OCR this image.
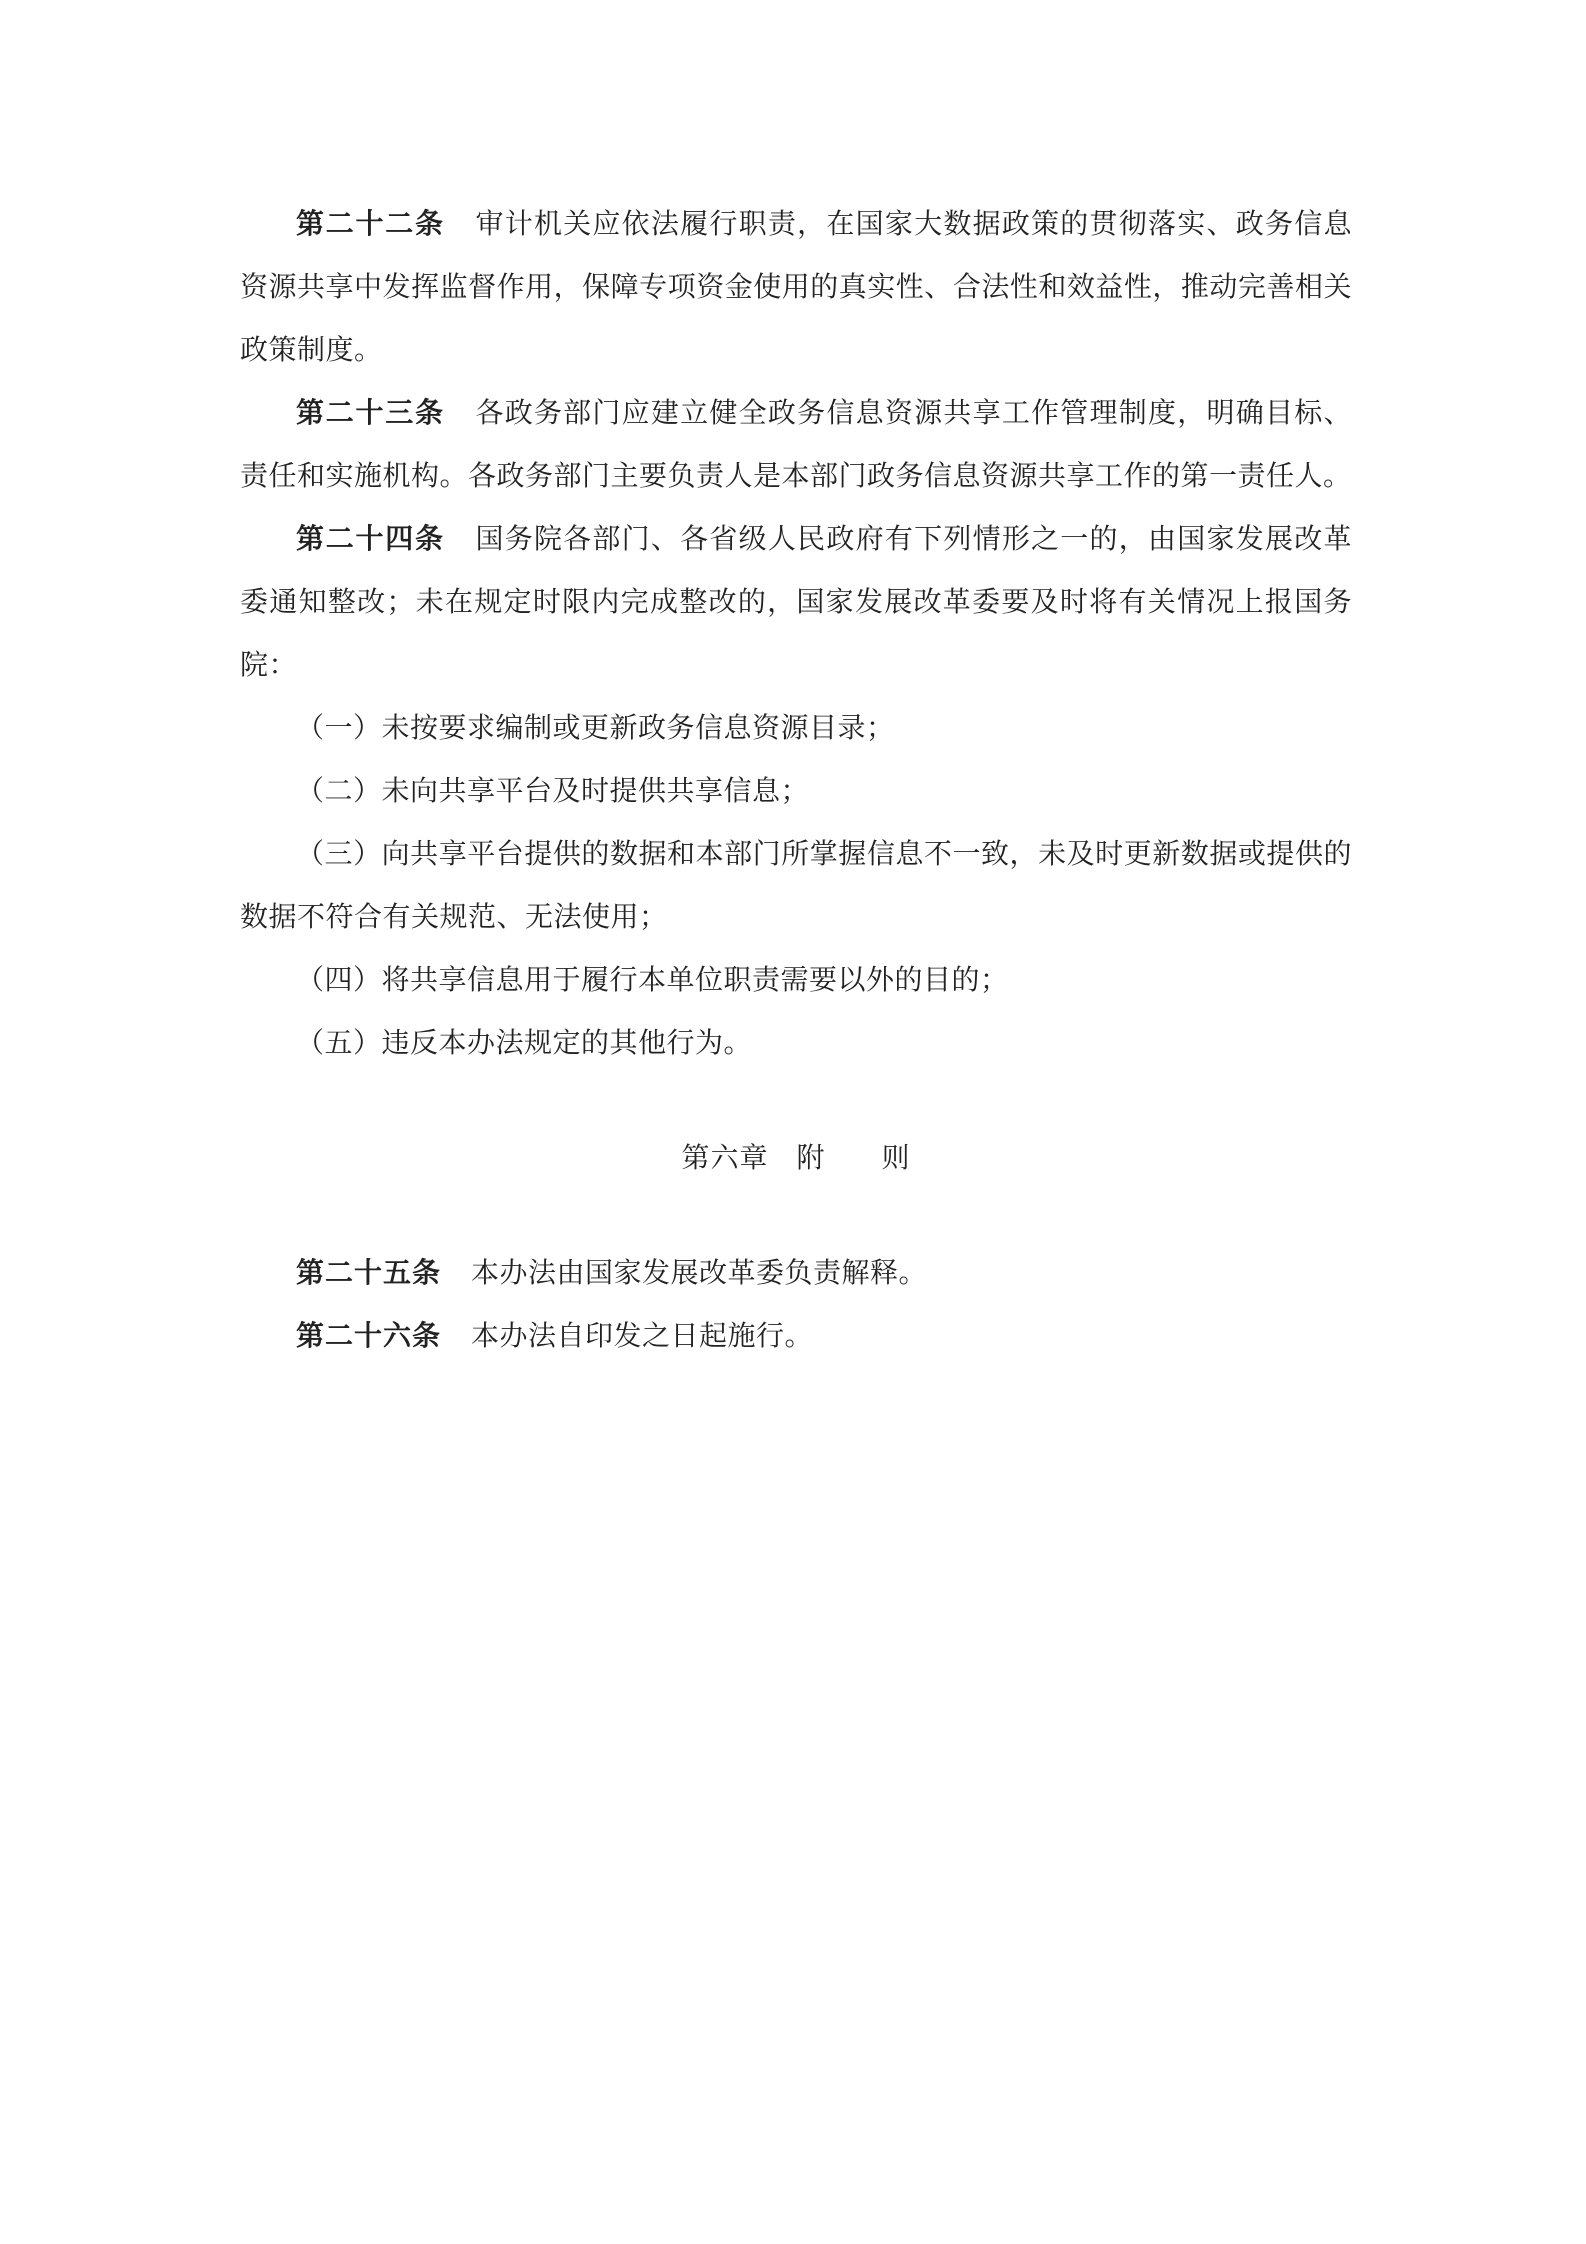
第二十二条 审计机关应依法履行职责，在国家大数据政策的贯彻落实、政务信息资源共享中发挥监督作用，保障专项资金使用的真实性、合法性和效益性，推动完善相关政策制度。

第二十三条 各政务部门应建立健全政务信息资源共享工作管理制度，明确目标、责任和实施机构。各政务部门主要负责人是本部门政务信息资源共享工作的第一责任人。

第二十四条 国务院各部门、各省级人民政府有下列情形之一的，由国家发展改革委通知整改；未在规定时限内完成整改的，国家发展改革委要及时将有关情况上报国务院：

（一）未按要求编制或更新政务信息资源目录；

（二）未向共享平台及时提供共享信息；

（三）向共享平台提供的数据和本部门所掌握信息不一致，未及时更新数据或提供的数据不符合有关规范、无法使用；

（四）将共享信息用于履行本单位职责需要以外的目的；

（五）违反本办法规定的其他行为。

第六章 附 则

第二十五条 本办法由国家发展改革委负责解释。

第二十六条 本办法自印发之日起施行。
